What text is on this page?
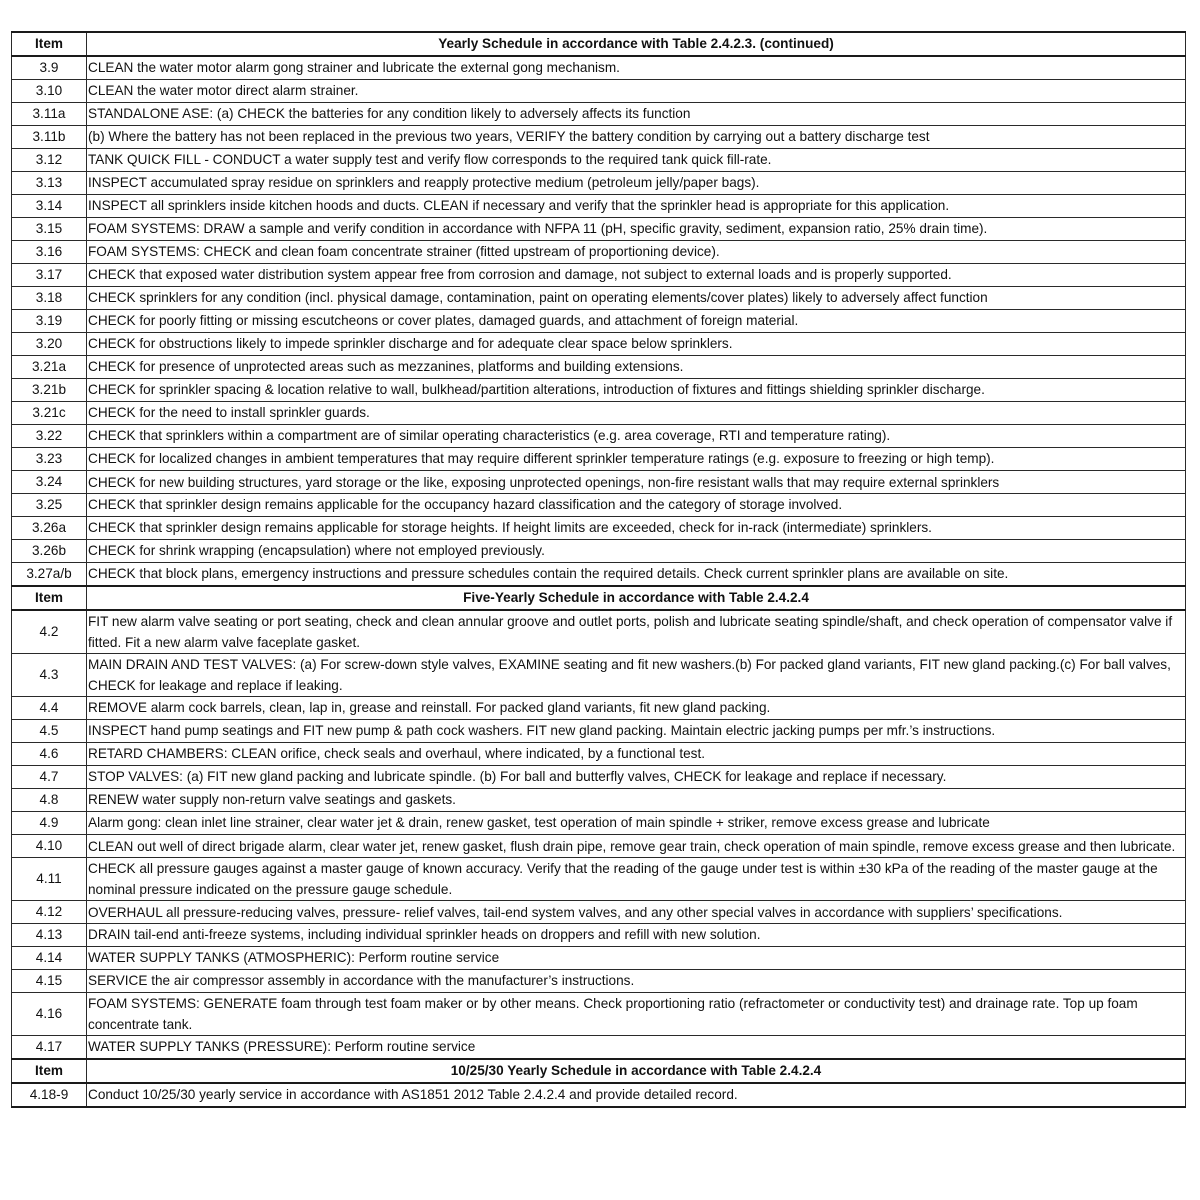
Item	Yearly Schedule in accordance with Table 2.4.2.3. (continued)
3.9	CLEAN the water motor alarm gong strainer and lubricate the external gong mechanism.
3.10	CLEAN the water motor direct alarm strainer.
3.11a	STANDALONE ASE: (a) CHECK the batteries for any condition likely to adversely affects its function
3.11b	(b) Where the battery has not been replaced in the previous two years, VERIFY the battery condition by carrying out a battery discharge test
3.12	TANK QUICK FILL - CONDUCT a water supply test and verify flow corresponds to the required tank quick fill-rate.
3.13	INSPECT accumulated spray residue on sprinklers and reapply protective medium (petroleum jelly/paper bags).
3.14	INSPECT all sprinklers inside kitchen hoods and ducts. CLEAN if necessary and verify that the sprinkler head is appropriate for this application.
3.15	FOAM SYSTEMS: DRAW a sample and verify condition in accordance with NFPA 11 (pH, specific gravity, sediment, expansion ratio, 25% drain time).
3.16	FOAM SYSTEMS: CHECK and clean foam concentrate strainer (fitted upstream of proportioning device).
3.17	CHECK that exposed water distribution system appear free from corrosion and damage, not subject to external loads and is properly supported.
3.18	CHECK sprinklers for any condition (incl. physical damage, contamination, paint on operating elements/cover plates) likely to adversely affect function
3.19	CHECK for poorly fitting or missing escutcheons or cover plates, damaged guards, and attachment of foreign material.
3.20	CHECK for obstructions likely to impede sprinkler discharge and for adequate clear space below sprinklers.
3.21a	CHECK for presence of unprotected areas such as mezzanines, platforms and building extensions.
3.21b	CHECK for sprinkler spacing & location relative to wall, bulkhead/partition alterations, introduction of fixtures and fittings shielding sprinkler discharge.
3.21c	CHECK for the need to install sprinkler guards.
3.22	CHECK that sprinklers within a compartment are of similar operating characteristics (e.g. area coverage, RTI and temperature rating).
3.23	CHECK for localized changes in ambient temperatures that may require different sprinkler temperature ratings (e.g. exposure to freezing or high temp).
3.24	CHECK for new building structures, yard storage or the like, exposing unprotected openings, non-fire resistant walls that may require external sprinklers
3.25	CHECK that sprinkler design remains applicable for the occupancy hazard classification and the category of storage involved.
3.26a	CHECK that sprinkler design remains applicable for storage heights. If height limits are exceeded, check for in-rack (intermediate) sprinklers.
3.26b	CHECK for shrink wrapping (encapsulation) where not employed previously.
3.27a/b	CHECK that block plans, emergency instructions and pressure schedules contain the required details. Check current sprinkler plans are available on site.
Item	Five-Yearly Schedule in accordance with Table 2.4.2.4
4.2	FIT new alarm valve seating or port seating, check and clean annular groove and outlet ports, polish and lubricate seating spindle/shaft, and check operation of compensator valve if fitted. Fit a new alarm valve faceplate gasket.
4.3	MAIN DRAIN AND TEST VALVES: (a) For screw-down style valves, EXAMINE seating and fit new washers.(b) For packed gland variants, FIT new gland packing.(c) For ball valves, CHECK for leakage and replace if leaking.
4.4	REMOVE alarm cock barrels, clean, lap in, grease and reinstall. For packed gland variants, fit new gland packing.
4.5	INSPECT hand pump seatings and FIT new pump & path cock washers. FIT new gland packing. Maintain electric jacking pumps per mfr.’s instructions.
4.6	RETARD CHAMBERS: CLEAN orifice, check seals and overhaul, where indicated, by a functional test.
4.7	STOP VALVES: (a) FIT new gland packing and lubricate spindle. (b) For ball and butterfly valves, CHECK for leakage and replace if necessary.
4.8	RENEW water supply non-return valve seatings and gaskets.
4.9	Alarm gong: clean inlet line strainer, clear water jet & drain, renew gasket, test operation of main spindle + striker, remove excess grease and lubricate
4.10	CLEAN out well of direct brigade alarm, clear water jet, renew gasket, flush drain pipe, remove gear train, check operation of main spindle, remove excess grease and then lubricate.
4.11	CHECK all pressure gauges against a master gauge of known accuracy. Verify that the reading of the gauge under test is within ±30 kPa of the reading of the master gauge at the nominal pressure indicated on the pressure gauge schedule.
4.12	OVERHAUL all pressure-reducing valves, pressure- relief valves, tail-end system valves, and any other special valves in accordance with suppliers’ specifications.
4.13	DRAIN tail-end anti-freeze systems, including individual sprinkler heads on droppers and refill with new solution.
4.14	WATER SUPPLY TANKS (ATMOSPHERIC): Perform routine service
4.15	SERVICE the air compressor assembly in accordance with the manufacturer’s instructions.
4.16	FOAM SYSTEMS: GENERATE foam through test foam maker or by other means. Check proportioning ratio (refractometer or conductivity test) and drainage rate. Top up foam concentrate tank.
4.17	WATER SUPPLY TANKS (PRESSURE): Perform routine service
Item	10/25/30 Yearly Schedule in accordance with Table 2.4.2.4
4.18-9	Conduct 10/25/30 yearly service in accordance with AS1851 2012 Table 2.4.2.4 and provide detailed record.
